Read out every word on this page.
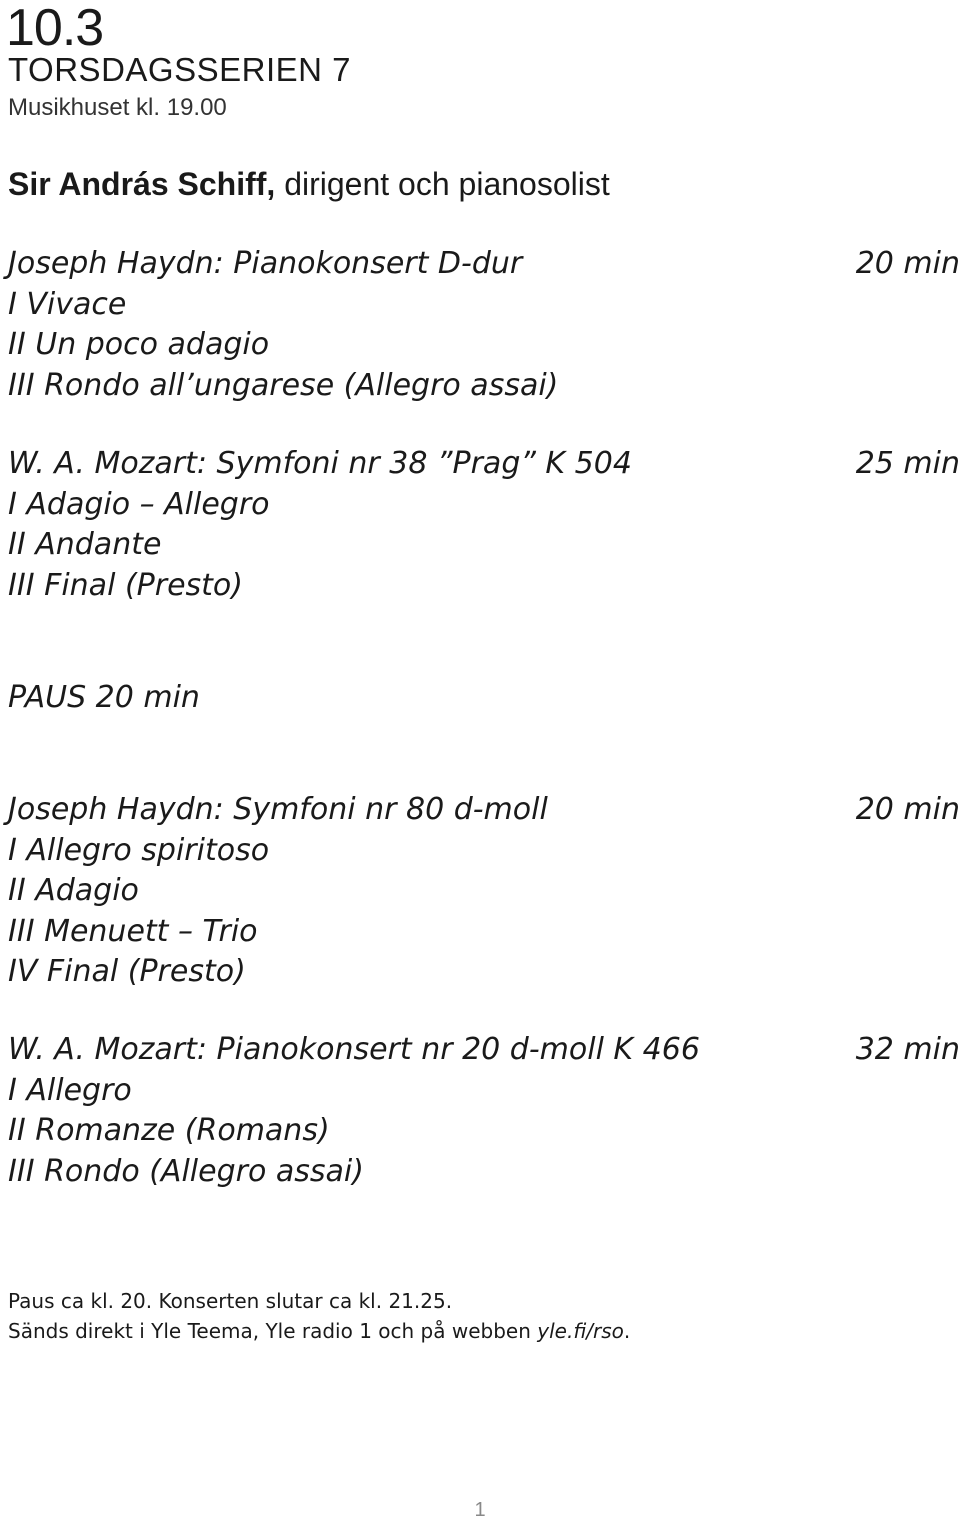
10.3
TORSDAGSSERIEN 7
Musikhuset kl. 19.00
Sir András Schiff, dirigent och pianosolist
Joseph Haydn: Pianokonsert D-dur	20 min
I Vivace
II Un poco adagio
III Rondo all’ungarese (Allegro assai)
W. A. Mozart: Symfoni nr 38 ”Prag” K 504	25 min
I Adagio – Allegro
II Andante
III Final (Presto)
PAUS 20 min
Joseph Haydn: Symfoni nr 80 d-moll	20 min
I Allegro spiritoso
II Adagio
III Menuett – Trio
IV Final (Presto)
W. A. Mozart: Pianokonsert nr 20 d-moll K 466	32 min
I Allegro
II Romanze (Romans)
III Rondo (Allegro assai)
Paus ca kl. 20. Konserten slutar ca kl. 21.25.
Sänds direkt i Yle Teema, Yle radio 1 och på webben yle.fi/rso.
1
